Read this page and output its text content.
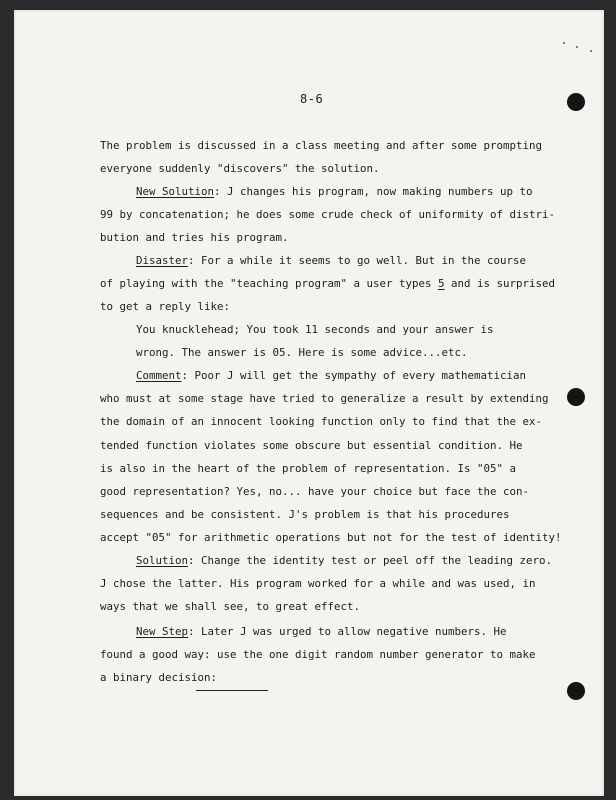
8-6
The problem is discussed in a class meeting and after some prompting
everyone suddenly "discovers" the solution.
New Solution: J changes his program, now making numbers up to
99 by concatenation; he does some crude check of uniformity of distri-
bution and tries his program.
Disaster: For a while it seems to go well. But in the course
of playing with the "teaching program" a user types 5 and is surprised
to get a reply like:
You knucklehead; You took 11 seconds and your answer is
wrong. The answer is 05. Here is some advice...etc.
Comment: Poor J will get the sympathy of every mathematician
who must at some stage have tried to generalize a result by extending
the domain of an innocent looking function only to find that the ex-
tended function violates some obscure but essential condition. He
is also in the heart of the problem of representation. Is "05" a
good representation? Yes, no... have your choice but face the con-
sequences and be consistent. J's problem is that his procedures
accept "05" for arithmetic operations but not for the test of identity!
Solution: Change the identity test or peel off the leading zero.
J chose the latter. His program worked for a while and was used, in
ways that we shall see, to great effect.
New Step: Later J was urged to allow negative numbers. He
found a good way: use the one digit random number generator to make
a binary decision:
